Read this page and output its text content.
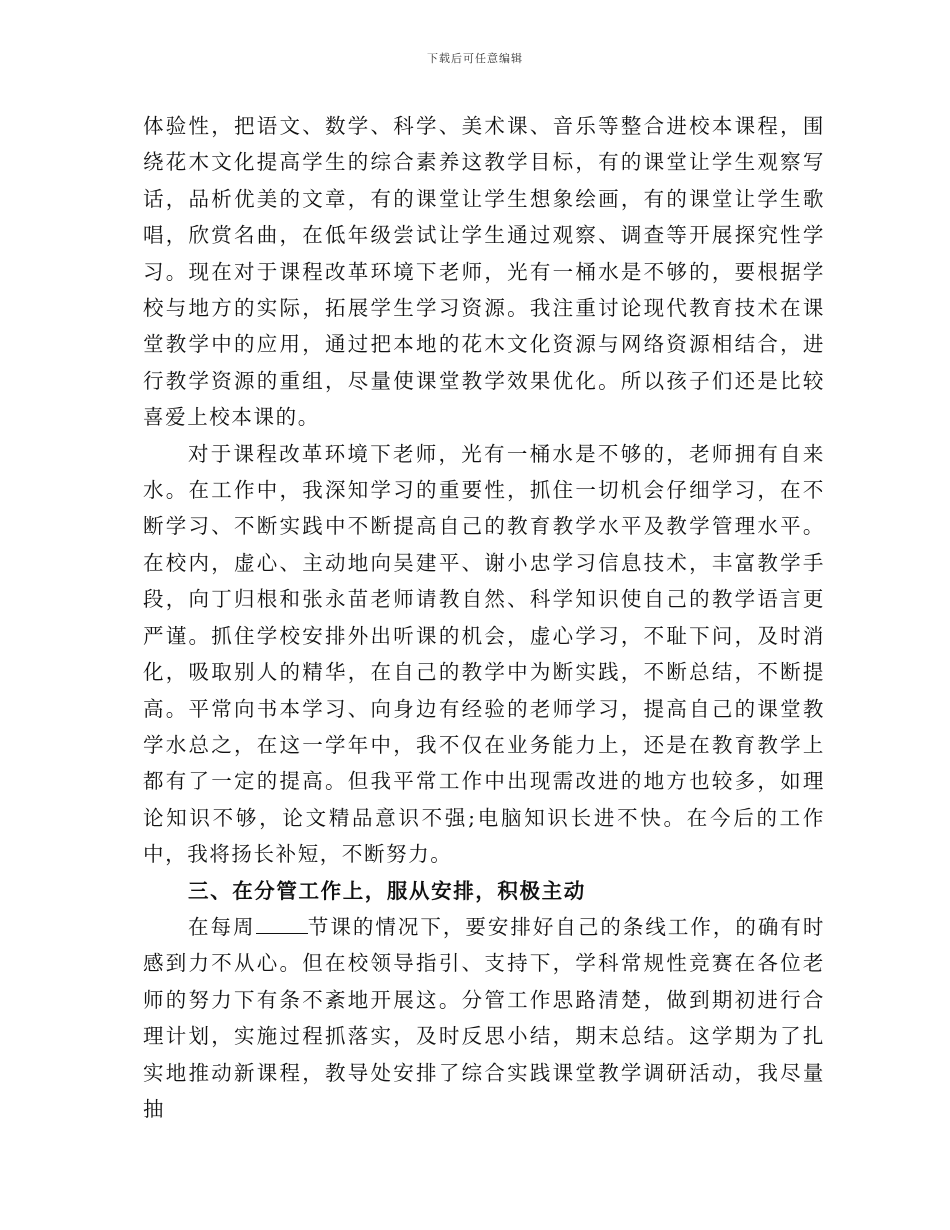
下载后可任意编辑

体验性，把语文、数学、科学、美术课、音乐等整合进校本课程，围绕花木文化提高学生的综合素养这教学目标，有的课堂让学生观察写话，品析优美的文章，有的课堂让学生想象绘画，有的课堂让学生歌唱，欣赏名曲，在低年级尝试让学生通过观察、调查等开展探究性学习。现在对于课程改革环境下老师，光有一桶水是不够的，要根据学校与地方的实际，拓展学生学习资源。我注重讨论现代教育技术在课堂教学中的应用，通过把本地的花木文化资源与网络资源相结合，进行教学资源的重组，尽量使课堂教学效果优化。所以孩子们还是比较喜爱上校本课的。

对于课程改革环境下老师，光有一桶水是不够的，老师拥有自来水。在工作中，我深知学习的重要性，抓住一切机会仔细学习，在不断学习、不断实践中不断提高自己的教育教学水平及教学管理水平。在校内，虚心、主动地向吴建平、谢小忠学习信息技术，丰富教学手段，向丁归根和张永苗老师请教自然、科学知识使自己的教学语言更严谨。抓住学校安排外出听课的机会，虚心学习，不耻下问，及时消化，吸取别人的精华，在自己的教学中为断实践，不断总结，不断提高。平常向书本学习、向身边有经验的老师学习，提高自己的课堂教学水总之，在这一学年中，我不仅在业务能力上，还是在教育教学上都有了一定的提高。但我平常工作中出现需改进的地方也较多，如理论知识不够，论文精品意识不强;电脑知识长进不快。在今后的工作中，我将扬长补短，不断努力。

三、在分管工作上，服从安排，积极主动

在每周	节课的情况下，要安排好自己的条线工作，的确有时感到力不从心。但在校领导指引、支持下，学科常规性竞赛在各位老师的努力下有条不紊地开展这。分管工作思路清楚，做到期初进行合理计划，实施过程抓落实，及时反思小结，期末总结。这学期为了扎实地推动新课程，教导处安排了综合实践课堂教学调研活动，我尽量抽
